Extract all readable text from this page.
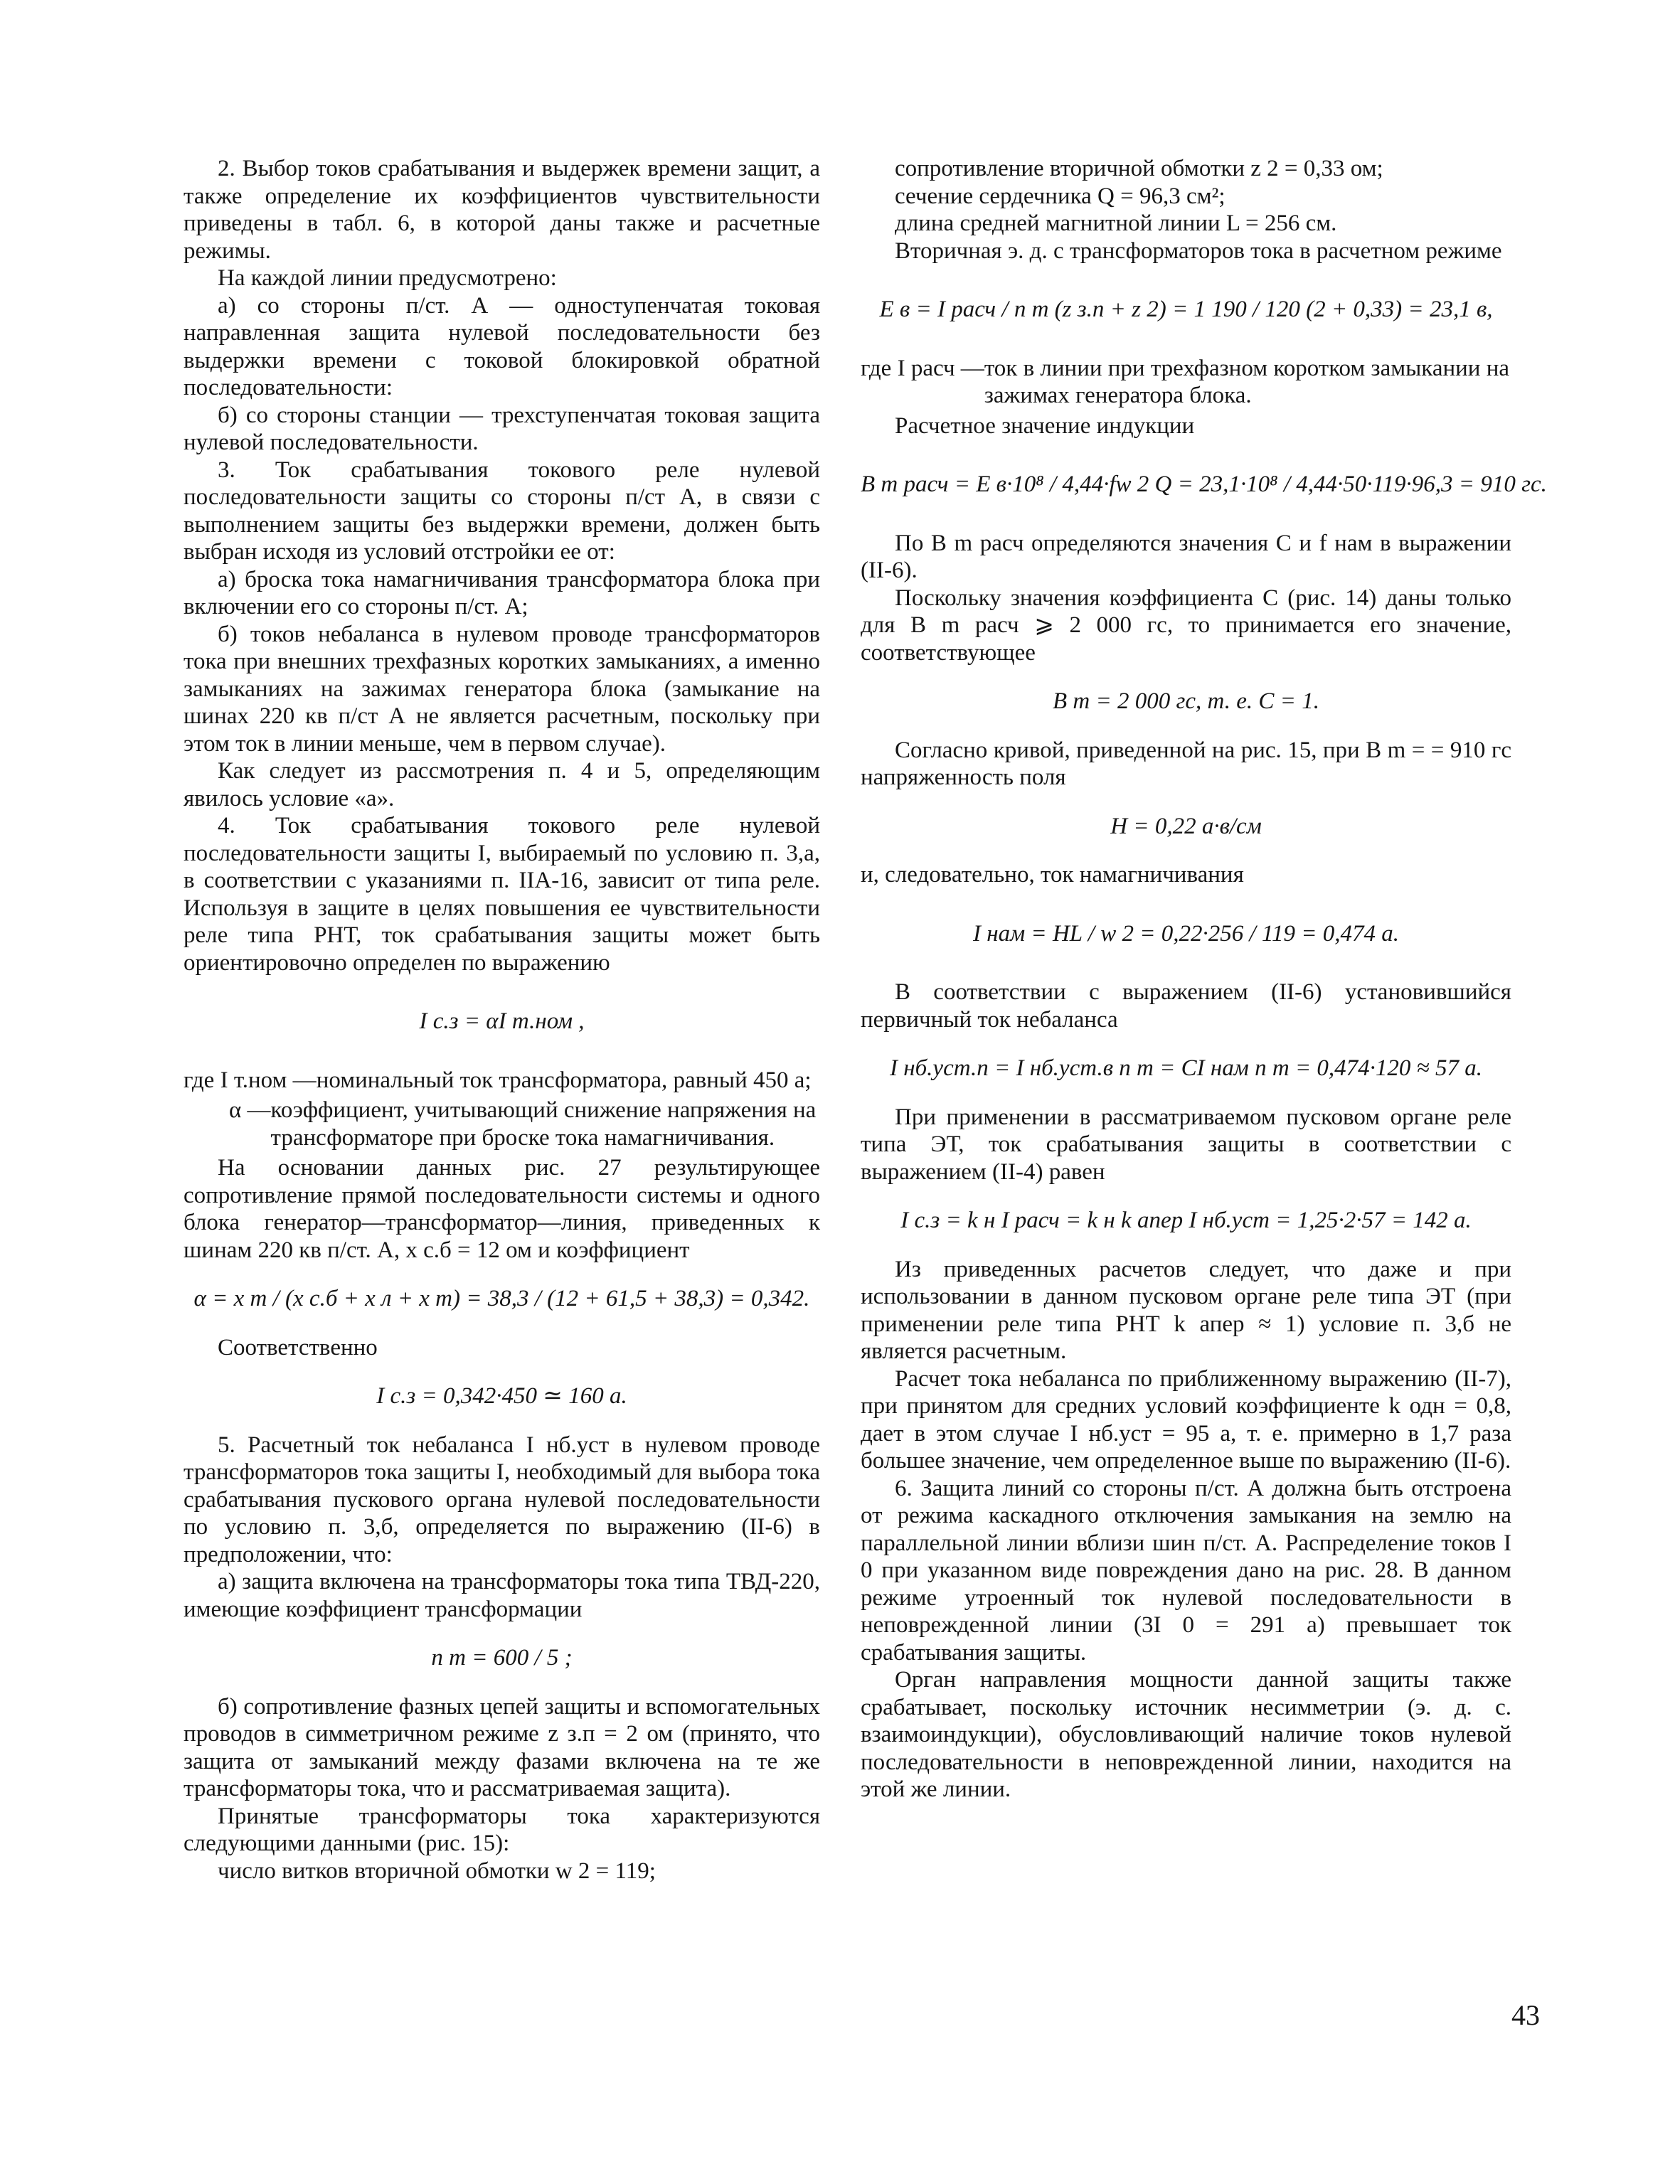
2. Выбор токов срабатывания и выдержек времени защит, а также определение их коэффициентов чувствительности приведены в табл. 6, в которой даны также и расчетные режимы.

На каждой линии предусмотрено:

а) со стороны п/ст. А — одноступенчатая токовая направленная защита нулевой последовательности без выдержки времени с токовой блокировкой обратной последовательности:

б) со стороны станции — трехступенчатая токовая защита нулевой последовательности.

3. Ток срабатывания токового реле нулевой последовательности защиты со стороны п/ст А, в связи с выполнением защиты без выдержки времени, должен быть выбран исходя из условий отстройки ее от:

а) броска тока намагничивания трансформатора блока при включении его со стороны п/ст. А;

б) токов небаланса в нулевом проводе трансформаторов тока при внешних трехфазных коротких замыканиях, а именно замыканиях на зажимах генератора блока (замыкание на шинах 220 кв п/ст А не является расчетным, поскольку при этом ток в линии меньше, чем в первом случае).

Как следует из рассмотрения п. 4 и 5, определяющим явилось условие «а».

4. Ток срабатывания токового реле нулевой последовательности защиты I, выбираемый по условию п. 3,а, в соответствии с указаниями п. IIА-16, зависит от типа реле. Используя в защите в целях повышения ее чувствительности реле типа РНТ, ток срабатывания защиты может быть ориентировочно определен по выражению

I с.з = αI т.ном ,
где I т.ном — номинальный ток трансформатора, равный 450 а;
α — коэффициент, учитывающий снижение напряжения на трансформаторе при броске тока намагничивания.

На основании данных рис. 27 результирующее сопротивление прямой последовательности системы и одного блока генератор—трансформатор—линия, приведенных к шинам 220 кв п/ст. А, x с.б = 12 ом и коэффициент

α = x т / (x с.б + x л + x т) = 38,3 / (12 + 61,5 + 38,3) = 0,342.

Соответственно

I с.з = 0,342·450 ≃ 160 а.

5. Расчетный ток небаланса I нб.уст в нулевом проводе трансформаторов тока защиты I, необходимый для выбора тока срабатывания пускового органа нулевой последовательности по условию п. 3,б, определяется по выражению (II-6) в предположении, что:

а) защита включена на трансформаторы тока типа ТВД-220, имеющие коэффициент трансформации

n т = 600 / 5 ;

б) сопротивление фазных цепей защиты и вспомогательных проводов в симметричном режиме z з.п = 2 ом (принято, что защита от замыканий между фазами включена на те же трансформаторы тока, что и рассматриваемая защита).

Принятые трансформаторы тока характеризуются следующими данными (рис. 15):

число витков вторичной обмотки w 2 = 119;

сопротивление вторичной обмотки z 2 = 0,33 ом;

сечение сердечника Q = 96,3 см²;

длина средней магнитной линии L = 256 см.

Вторичная э. д. с трансформаторов тока в расчетном режиме

E в = I расч / n т (z з.п + z 2) = 1 190 / 120 (2 + 0,33) = 23,1 в,
где I расч — ток в линии при трехфазном коротком замыкании на зажимах генератора блока.

Расчетное значение индукции

B m расч = E в·10⁸ / 4,44·fw 2 Q = 23,1·10⁸ / 4,44·50·119·96,3 = 910 гс.

По B m расч определяются значения C и f нам в выражении (II-6).

Поскольку значения коэффициента C (рис. 14) даны только для B m расч ⩾ 2 000 гс, то принимается его значение, соответствующее

B m = 2 000 гс, т. е. C = 1.

Согласно кривой, приведенной на рис. 15, при B m = = 910 гс напряженность поля

H = 0,22 а·в/см

и, следовательно, ток намагничивания

I нам = HL / w 2 = 0,22·256 / 119 = 0,474 а.

В соответствии с выражением (II-6) установившийся первичный ток небаланса

I нб.уст.п = I нб.уст.в n т = CI нам n т = 0,474·120 ≈ 57 а.

При применении в рассматриваемом пусковом органе реле типа ЭТ, ток срабатывания защиты в соответствии с выражением (II-4) равен

I с.з = k н I расч = k н k апер I нб.уст = 1,25·2·57 = 142 а.

Из приведенных расчетов следует, что даже и при использовании в данном пусковом органе реле типа ЭТ (при применении реле типа РНТ k апер ≈ 1) условие п. 3,б не является расчетным.

Расчет тока небаланса по приближенному выражению (II-7), при принятом для средних условий коэффициенте k одн = 0,8, дает в этом случае I нб.уст = 95 а, т. е. примерно в 1,7 раза большее значение, чем определенное выше по выражению (II-6).

6. Защита линий со стороны п/ст. А должна быть отстроена от режима каскадного отключения замыкания на землю на параллельной линии вблизи шин п/ст. А. Распределение токов I 0 при указанном виде повреждения дано на рис. 28. В данном режиме утроенный ток нулевой последовательности в неповрежденной линии (3I 0 = 291 а) превышает ток срабатывания защиты.

Орган направления мощности данной защиты также срабатывает, поскольку источник несимметрии (э. д. с. взаимоиндукции), обусловливающий наличие токов нулевой последовательности в неповрежденной линии, находится на этой же линии.

43
